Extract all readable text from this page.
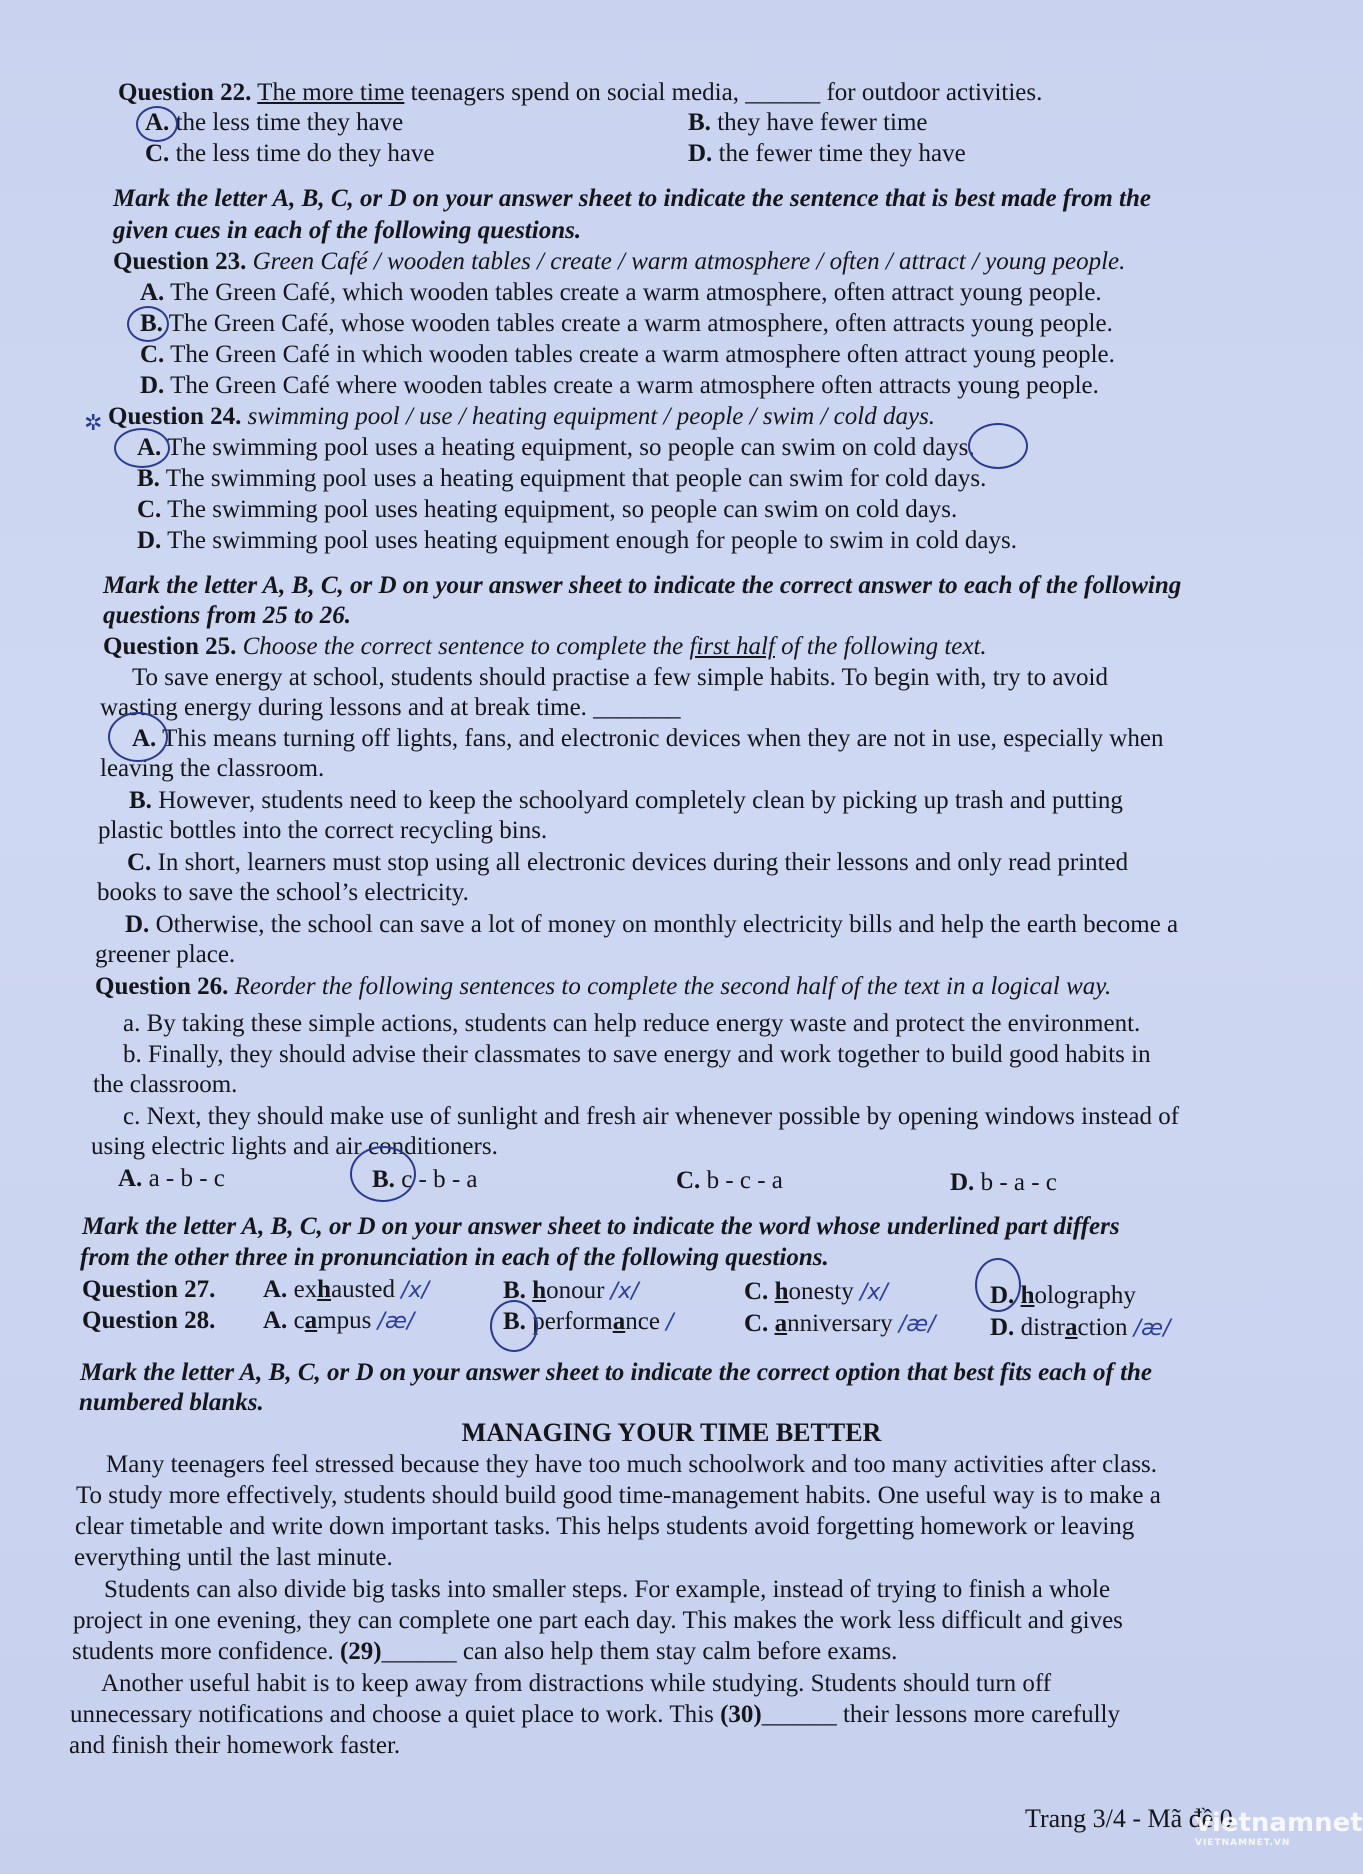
Question 22. The more time teenagers spend on social media, ______ for outdoor activities.
A. the less time they have	B. they have fewer time
C. the less time do they have	D. the fewer time they have
Mark the letter A, B, C, or D on your answer sheet to indicate the sentence that is best made from the
given cues in each of the following questions.
Question 23. Green Café / wooden tables / create / warm atmosphere / often / attract / young people.
A. The Green Café, which wooden tables create a warm atmosphere, often attract young people.
B. The Green Café, whose wooden tables create a warm atmosphere, often attracts young people.
C. The Green Café in which wooden tables create a warm atmosphere often attract young people.
D. The Green Café where wooden tables create a warm atmosphere often attracts young people.
✲ Question 24. swimming pool / use / heating equipment / people / swim / cold days.
A. The swimming pool uses a heating equipment, so people can swim on cold days.
B. The swimming pool uses a heating equipment that people can swim for cold days.
C. The swimming pool uses heating equipment, so people can swim on cold days.
D. The swimming pool uses heating equipment enough for people to swim in cold days.
Mark the letter A, B, C, or D on your answer sheet to indicate the correct answer to each of the following
questions from 25 to 26.
Question 25. Choose the correct sentence to complete the first half of the following text.
To save energy at school, students should practise a few simple habits. To begin with, try to avoid
wasting energy during lessons and at break time. _______
A. This means turning off lights, fans, and electronic devices when they are not in use, especially when
leaving the classroom.
B. However, students need to keep the schoolyard completely clean by picking up trash and putting
plastic bottles into the correct recycling bins.
C. In short, learners must stop using all electronic devices during their lessons and only read printed
books to save the school’s electricity.
D. Otherwise, the school can save a lot of money on monthly electricity bills and help the earth become a
greener place.
Question 26. Reorder the following sentences to complete the second half of the text in a logical way.
a. By taking these simple actions, students can help reduce energy waste and protect the environment.
b. Finally, they should advise their classmates to save energy and work together to build good habits in
the classroom.
c. Next, they should make use of sunlight and fresh air whenever possible by opening windows instead of
using electric lights and air conditioners.
A. a - b - c	B. c - b - a	C. b - c - a	D. b - a - c
Mark the letter A, B, C, or D on your answer sheet to indicate the word whose underlined part differs
from the other three in pronunciation in each of the following questions.
Question 27. A. exhausted /x/	B. honour /x/	C. honesty /x/	D. holography
Question 28. A. campus /æ/	B. performance /	C. anniversary /æ/ D. distraction /æ/
Mark the letter A, B, C, or D on your answer sheet to indicate the correct option that best fits each of the
numbered blanks.
MANAGING YOUR TIME BETTER
Many teenagers feel stressed because they have too much schoolwork and too many activities after class.
To study more effectively, students should build good time-management habits. One useful way is to make a
clear timetable and write down important tasks. This helps students avoid forgetting homework or leaving
everything until the last minute.
Students can also divide big tasks into smaller steps. For example, instead of trying to finish a whole
project in one evening, they can complete one part each day. This makes the work less difficult and gives
students more confidence. (29)______ can also help them stay calm before exams.
Another useful habit is to keep away from distractions while studying. Students should turn off
unnecessary notifications and choose a quiet place to work. This (30)______ their lessons more carefully
and finish their homework faster.
Trang 3/4 - Mã đề 0
vietnamnet
VIETNAMNET.VN
